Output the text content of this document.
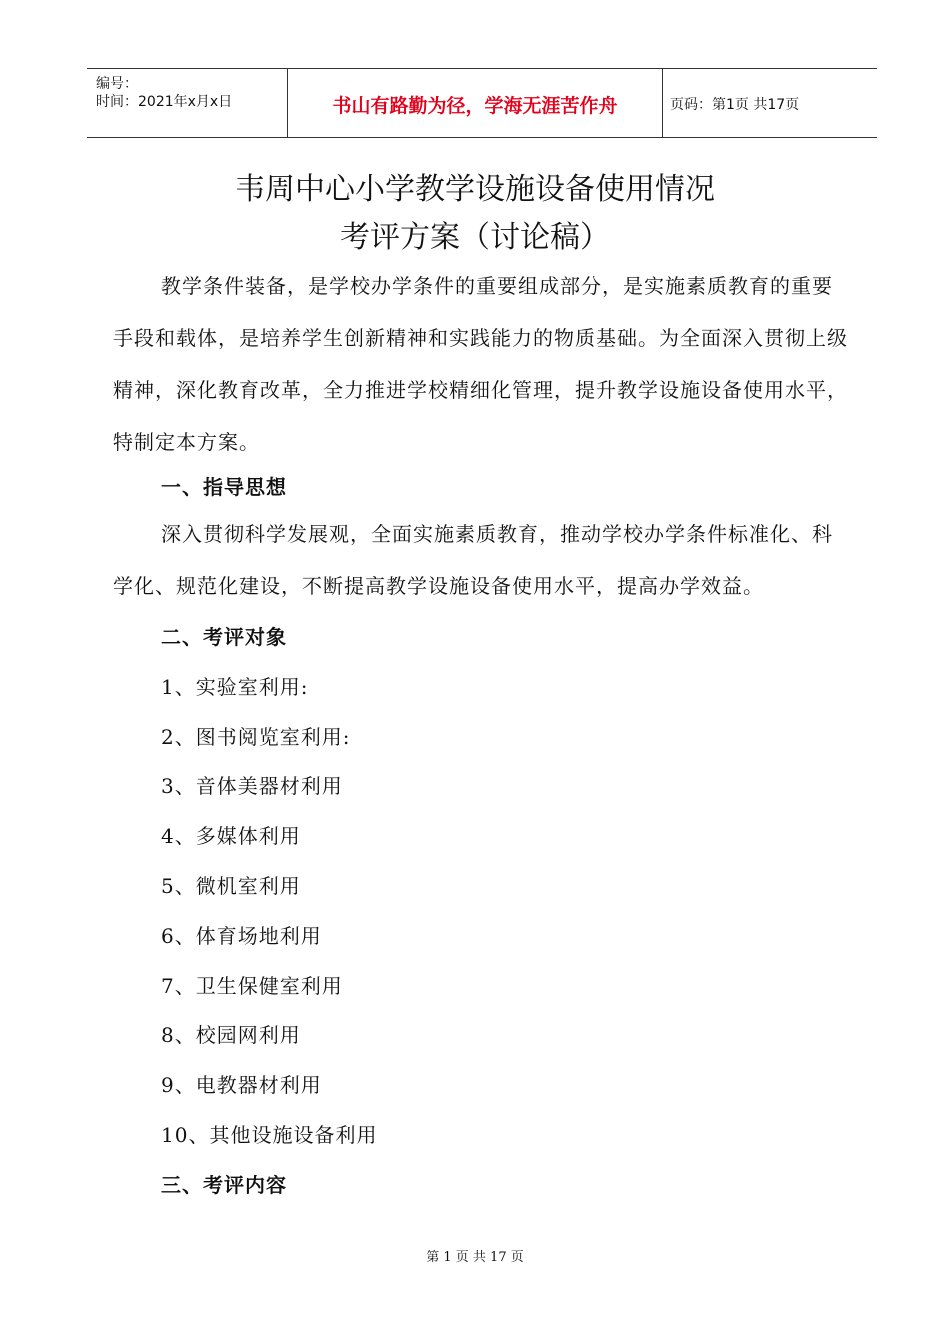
编号：
时间：2021年x月x日	书山有路勤为径，学海无涯苦作舟	页码：第1页 共17页
韦周中心小学教学设施设备使用情况
考评方案（讨论稿）

教学条件装备，是学校办学条件的重要组成部分，是实施素质教育的重要手段和载体，是培养学生创新精神和实践能力的物质基础。为全面深入贯彻上级精神，深化教育改革，全力推进学校精细化管理，提升教学设施设备使用水平，特制定本方案。

一、指导思想

深入贯彻科学发展观，全面实施素质教育，推动学校办学条件标准化、科学化、规范化建设，不断提高教学设施设备使用水平，提高办学效益。

二、考评对象

1、实验室利用:

2、图书阅览室利用:

3、音体美器材利用

4、多媒体利用

5、微机室利用

6、体育场地利用

7、卫生保健室利用

8、校园网利用

9、电教器材利用

10、其他设施设备利用

三、考评内容

第 1 页 共 17 页
